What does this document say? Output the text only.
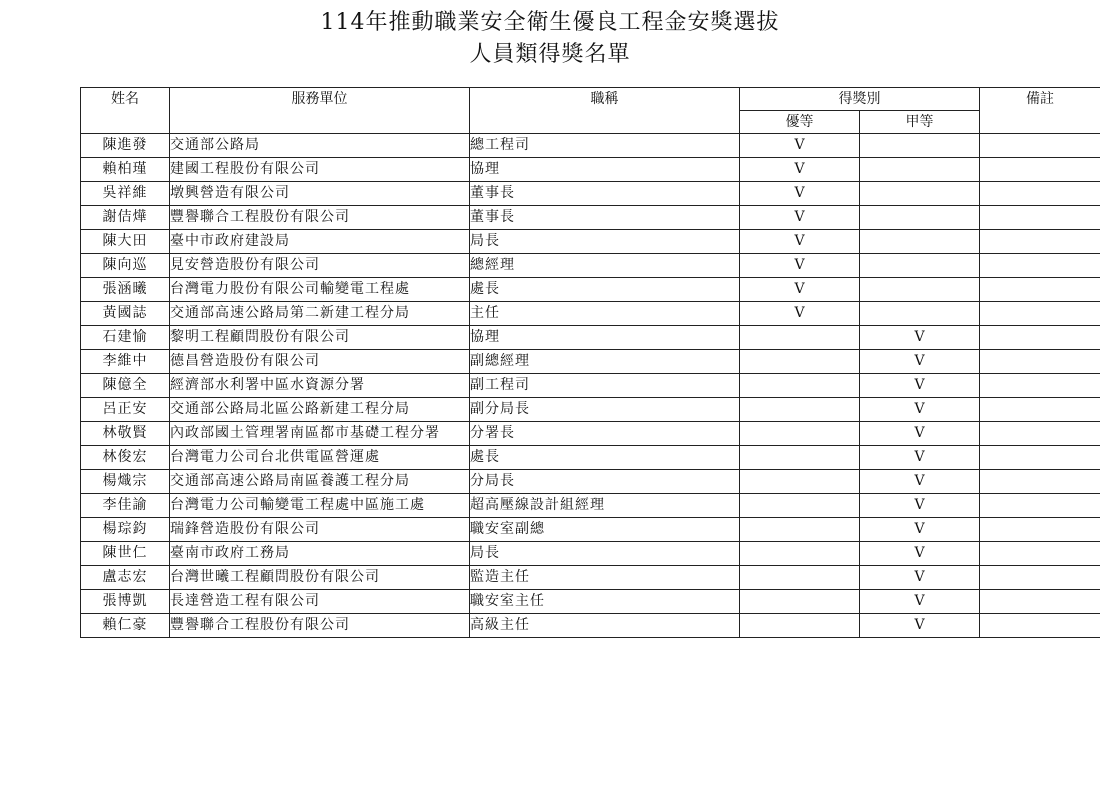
114年推動職業安全衛生優良工程金安獎選拔
人員類得獎名單
姓名	服務單位	職稱	得獎別		備註
			優等	甲等	
陳進發	交通部公路局	總工程司	V		
賴柏瑾	建國工程股份有限公司	協理	V		
吳祥維	墩興營造有限公司	董事長	V		
謝佶燁	豐譽聯合工程股份有限公司	董事長	V		
陳大田	臺中市政府建設局	局長	V		
陳向巡	見安營造股份有限公司	總經理	V		
張涵曦	台灣電力股份有限公司輸變電工程處	處長	V		
黃國誌	交通部高速公路局第二新建工程分局	主任	V		
石建愉	黎明工程顧問股份有限公司	協理		V	
李維中	德昌營造股份有限公司	副總經理		V	
陳億全	經濟部水利署中區水資源分署	副工程司		V	
呂正安	交通部公路局北區公路新建工程分局	副分局長		V	
林敬賢	內政部國土管理署南區都市基礎工程分署	分署長		V	
林俊宏	台灣電力公司台北供電區營運處	處長		V	
楊熾宗	交通部高速公路局南區養護工程分局	分局長		V	
李佳諭	台灣電力公司輸變電工程處中區施工處	超高壓線設計組經理		V	
楊琮鈞	瑞鋒營造股份有限公司	職安室副總		V	
陳世仁	臺南市政府工務局	局長		V	
盧志宏	台灣世曦工程顧問股份有限公司	監造主任		V	
張博凱	長達營造工程有限公司	職安室主任		V	
賴仁豪	豐譽聯合工程股份有限公司	高級主任		V	
